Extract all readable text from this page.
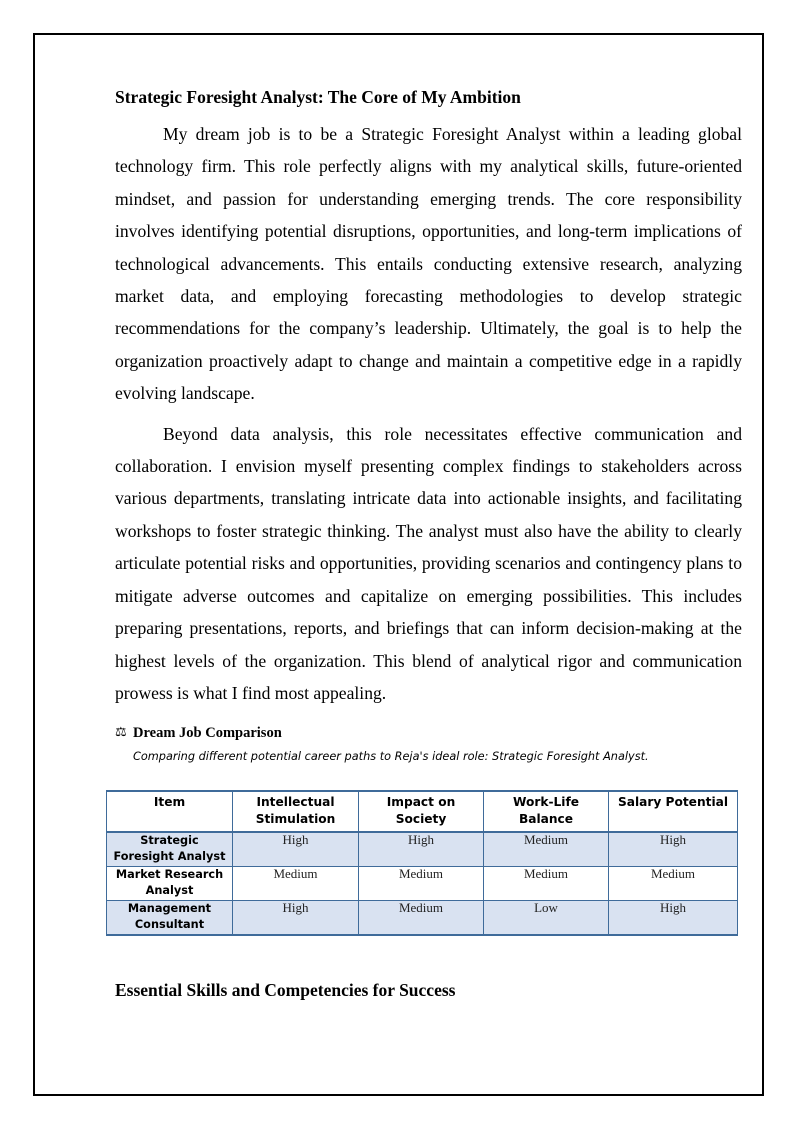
Strategic Foresight Analyst: The Core of My Ambition

My dream job is to be a Strategic Foresight Analyst within a leading global technology firm. This role perfectly aligns with my analytical skills, future-oriented mindset, and passion for understanding emerging trends. The core responsibility involves identifying potential disruptions, opportunities, and long-term implications of technological advancements. This entails conducting extensive research, analyzing market data, and employing forecasting methodologies to develop strategic recommendations for the company’s leadership. Ultimately, the goal is to help the organization proactively adapt to change and maintain a competitive edge in a rapidly evolving landscape.

Beyond data analysis, this role necessitates effective communication and collaboration. I envision myself presenting complex findings to stakeholders across various departments, translating intricate data into actionable insights, and facilitating workshops to foster strategic thinking. The analyst must also have the ability to clearly articulate potential risks and opportunities, providing scenarios and contingency plans to mitigate adverse outcomes and capitalize on emerging possibilities. This includes preparing presentations, reports, and briefings that can inform decision-making at the highest levels of the organization. This blend of analytical rigor and communication prowess is what I find most appealing.

⚖ Dream Job Comparison
Comparing different potential career paths to Reja's ideal role: Strategic Foresight Analyst.
Item	Intellectual Stimulation	Impact on Society	Work-Life Balance	Salary Potential
Strategic Foresight Analyst	High	High	Medium	High
Market Research Analyst	Medium	Medium	Medium	Medium
Management Consultant	High	Medium	Low	High
Essential Skills and Competencies for Success
